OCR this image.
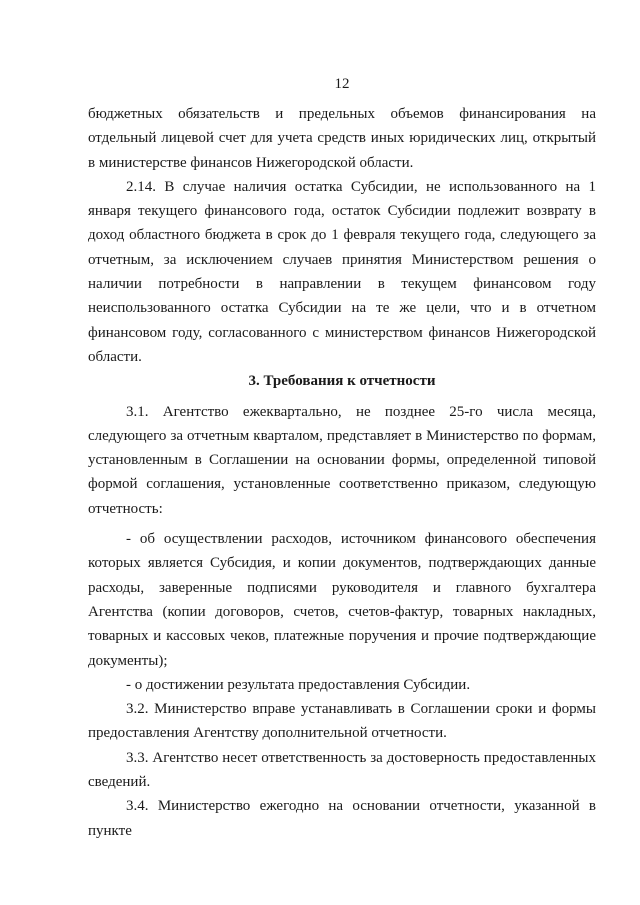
12

бюджетных обязательств и предельных объемов финансирования на отдельный лицевой счет для учета средств иных юридических лиц, открытый в министерстве финансов Нижегородской области.

2.14. В случае наличия остатка Субсидии, не использованного на 1 января текущего финансового года, остаток Субсидии подлежит возврату в доход областного бюджета в срок до 1 февраля текущего года, следующего за отчетным, за исключением случаев принятия Министерством решения о наличии потребности в направлении в текущем финансовом году неиспользованного остатка Субсидии на те же цели, что и в отчетном финансовом году, согласованного с министерством финансов Нижегородской области.

3. Требования к отчетности

3.1. Агентство ежеквартально, не позднее 25-го числа месяца, следующего за отчетным кварталом, представляет в Министерство по формам, установленным в Соглашении на основании формы, определенной типовой формой соглашения, установленные соответственно приказом, следующую отчетность:

- об осуществлении расходов, источником финансового обеспечения которых является Субсидия, и копии документов, подтверждающих данные расходы, заверенные подписями руководителя и главного бухгалтера Агентства (копии договоров, счетов, счетов-фактур, товарных накладных, товарных и кассовых чеков, платежные поручения и прочие подтверждающие документы);

- о достижении результата предоставления Субсидии.

3.2. Министерство вправе устанавливать в Соглашении сроки и формы предоставления Агентству дополнительной отчетности.

3.3. Агентство несет ответственность за достоверность предоставленных сведений.

3.4. Министерство ежегодно на основании отчетности, указанной в пункте
